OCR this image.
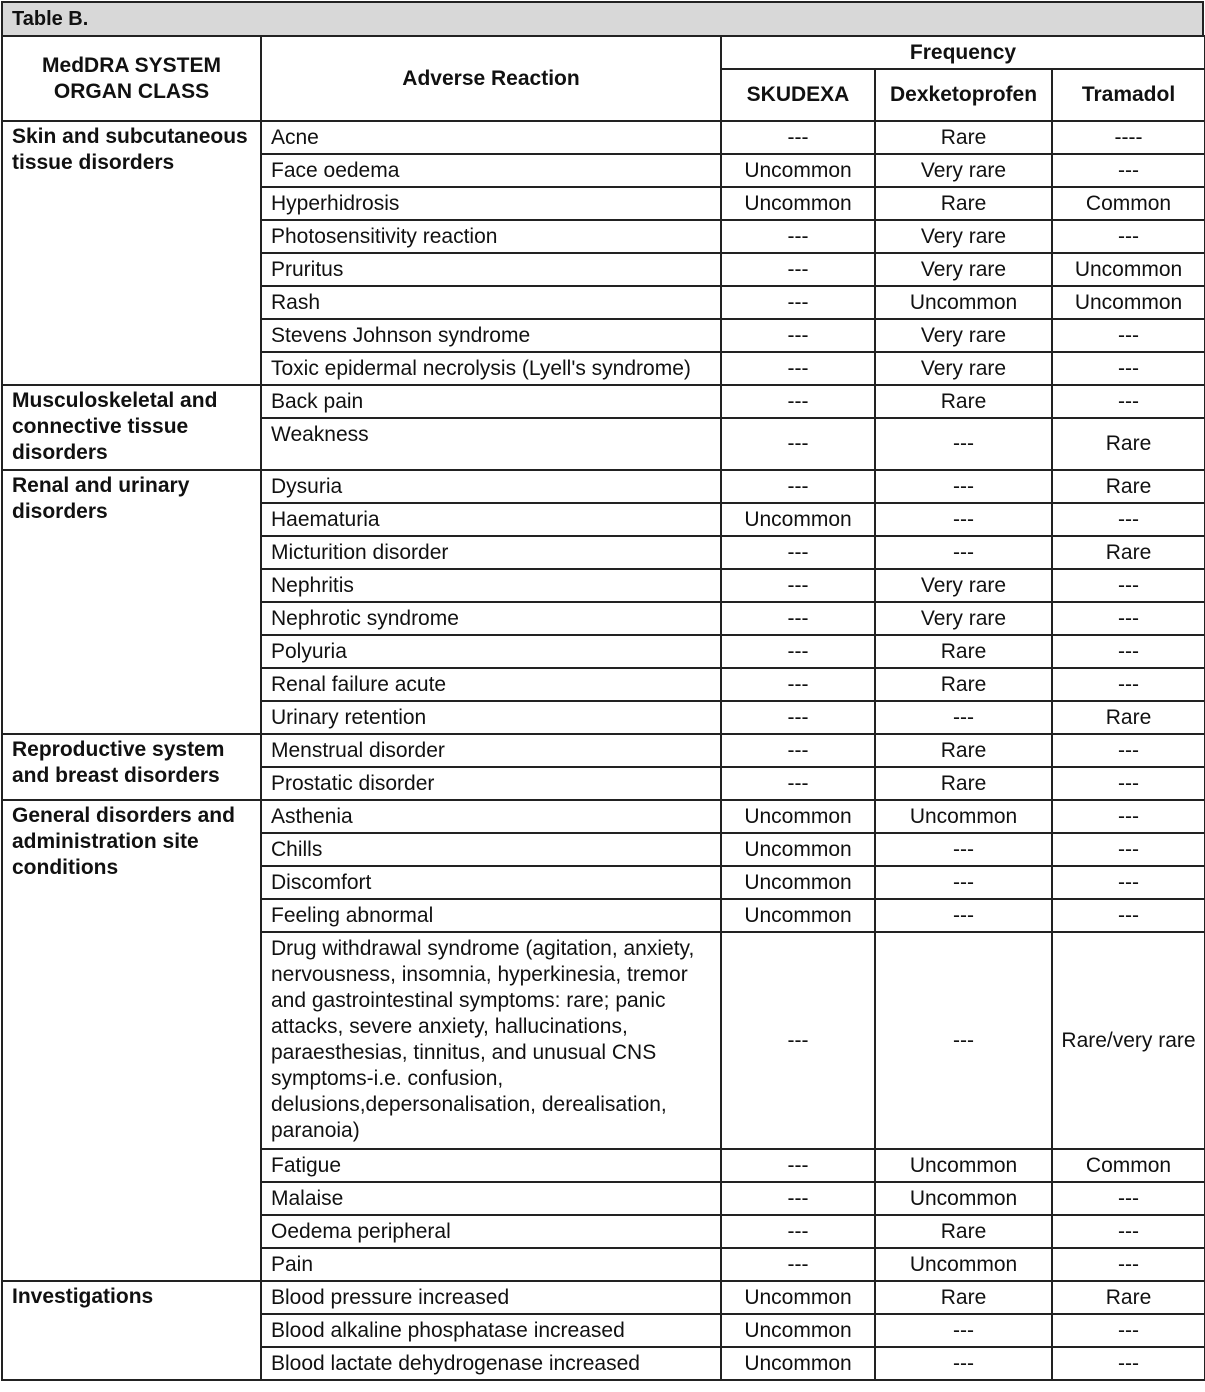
Table B.
MedDRA SYSTEM ORGAN CLASS	Adverse Reaction	Frequency		
		SKUDEXA	Dexketoprofen	Tramadol
Skin and subcutaneous tissue disorders	Acne	---	Rare	----
	Face oedema	Uncommon	Very rare	---
	Hyperhidrosis	Uncommon	Rare	Common
	Photosensitivity reaction	---	Very rare	---
	Pruritus	---	Very rare	Uncommon
	Rash	---	Uncommon	Uncommon
	Stevens Johnson syndrome	---	Very rare	---
	Toxic epidermal necrolysis (Lyell's syndrome)	---	Very rare	---
Musculoskeletal and connective tissue disorders	Back pain	---	Rare	---
	Weakness	---	---	Rare
Renal and urinary disorders	Dysuria	---	---	Rare
	Haematuria	Uncommon	---	---
	Micturition disorder	---	---	Rare
	Nephritis	---	Very rare	---
	Nephrotic syndrome	---	Very rare	---
	Polyuria	---	Rare	---
	Renal failure acute	---	Rare	---
	Urinary retention	---	---	Rare
Reproductive system and breast disorders	Menstrual disorder	---	Rare	---
	Prostatic disorder	---	Rare	---
General disorders and administration site conditions	Asthenia	Uncommon	Uncommon	---
	Chills	Uncommon	---	---
	Discomfort	Uncommon	---	---
	Feeling abnormal	Uncommon	---	---
	Drug withdrawal syndrome (agitation, anxiety, nervousness, insomnia, hyperkinesia, tremor and gastrointestinal symptoms: rare; panic attacks, severe anxiety, hallucinations, paraesthesias, tinnitus, and unusual CNS symptoms-i.e. confusion, delusions,depersonalisation, derealisation, paranoia)	---	---	Rare/very rare
	Fatigue	---	Uncommon	Common
	Malaise	---	Uncommon	---
	Oedema peripheral	---	Rare	---
	Pain	---	Uncommon	---
Investigations	Blood pressure increased	Uncommon	Rare	Rare
	Blood alkaline phosphatase increased	Uncommon	---	---
	Blood lactate dehydrogenase increased	Uncommon	---	---
